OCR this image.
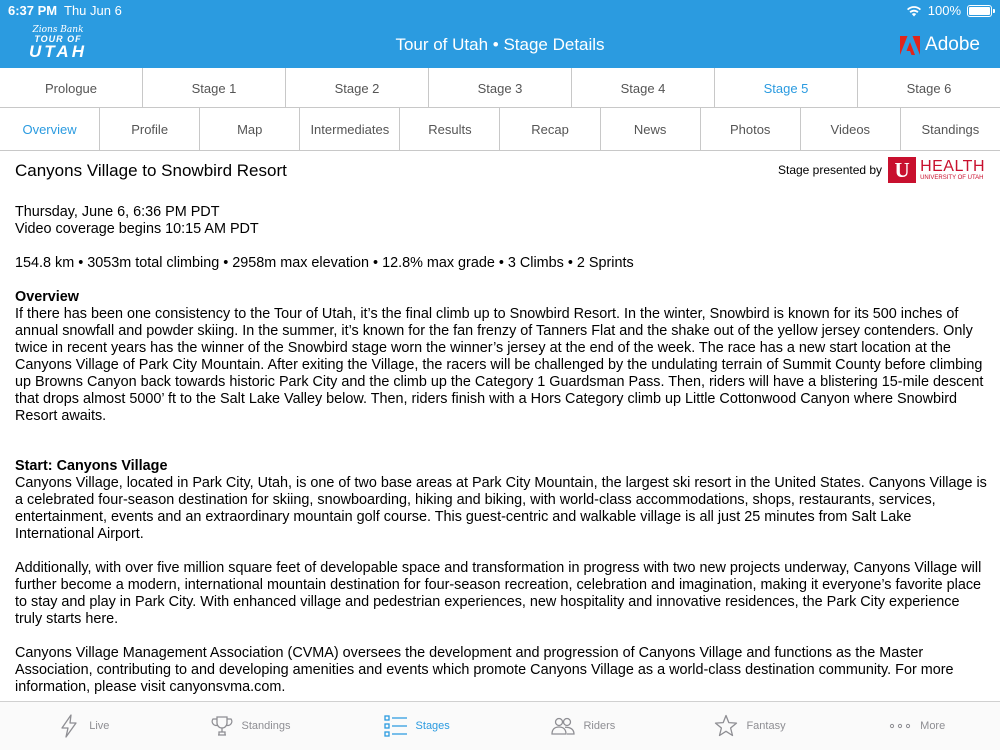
6:37 PM Thu Jun 6	100%
Zions Bank
TOUR OF
UTAH	Tour of Utah • Stage Details	Adobe
Prologue	Stage 1	Stage 2	Stage 3	Stage 4	Stage 5	Stage 6
Overview	Profile	Map	Intermediates	Results	Recap	News	Photos	Videos	Standings
Canyons Village to Snowbird Resort	Stage presented by U HEALTH
UNIVERSITY OF UTAH
Thursday, June 6, 6:36 PM PDT
Video coverage begins 10:15 AM PDT
154.8 km • 3053m total climbing • 2958m max elevation • 12.8% max grade • 3 Climbs • 2 Sprints
Overview
If there has been one consistency to the Tour of Utah, it’s the final climb up to Snowbird Resort. In the winter, Snowbird is known for its 500 inches of annual snowfall and powder skiing. In the summer, it’s known for the fan frenzy of Tanners Flat and the shake out of the yellow jersey contenders. Only twice in recent years has the winner of the Snowbird stage worn the winner’s jersey at the end of the week. The race has a new start location at the Canyons Village of Park City Mountain. After exiting the Village, the racers will be challenged by the undulating terrain of Summit County before climbing up Browns Canyon back towards historic Park City and the climb up the Category 1 Guardsman Pass. Then, riders will have a blistering 15-mile descent that drops almost 5000’ ft to the Salt Lake Valley below. Then, riders finish with a Hors Category climb up Little Cottonwood Canyon where Snowbird Resort awaits.
Start: Canyons Village
Canyons Village, located in Park City, Utah, is one of two base areas at Park City Mountain, the largest ski resort in the United States. Canyons Village is a celebrated four-season destination for skiing, snowboarding, hiking and biking, with world-class accommodations, shops, restaurants, services, entertainment, events and an extraordinary mountain golf course. This guest-centric and walkable village is all just 25 minutes from Salt Lake International Airport.
Additionally, with over five million square feet of developable space and transformation in progress with two new projects underway, Canyons Village will further become a modern, international mountain destination for four-season recreation, celebration and imagination, making it everyone’s favorite place to stay and play in Park City. With enhanced village and pedestrian experiences, new hospitality and innovative residences, the Park City experience truly starts here.
Canyons Village Management Association (CVMA) oversees the development and progression of Canyons Village and functions as the Master Association, contributing to and developing amenities and events which promote Canyons Village as a world-class destination community. For more information, please visit canyonsvma.com.
Live	Standings	Stages	Riders	Fantasy	More
